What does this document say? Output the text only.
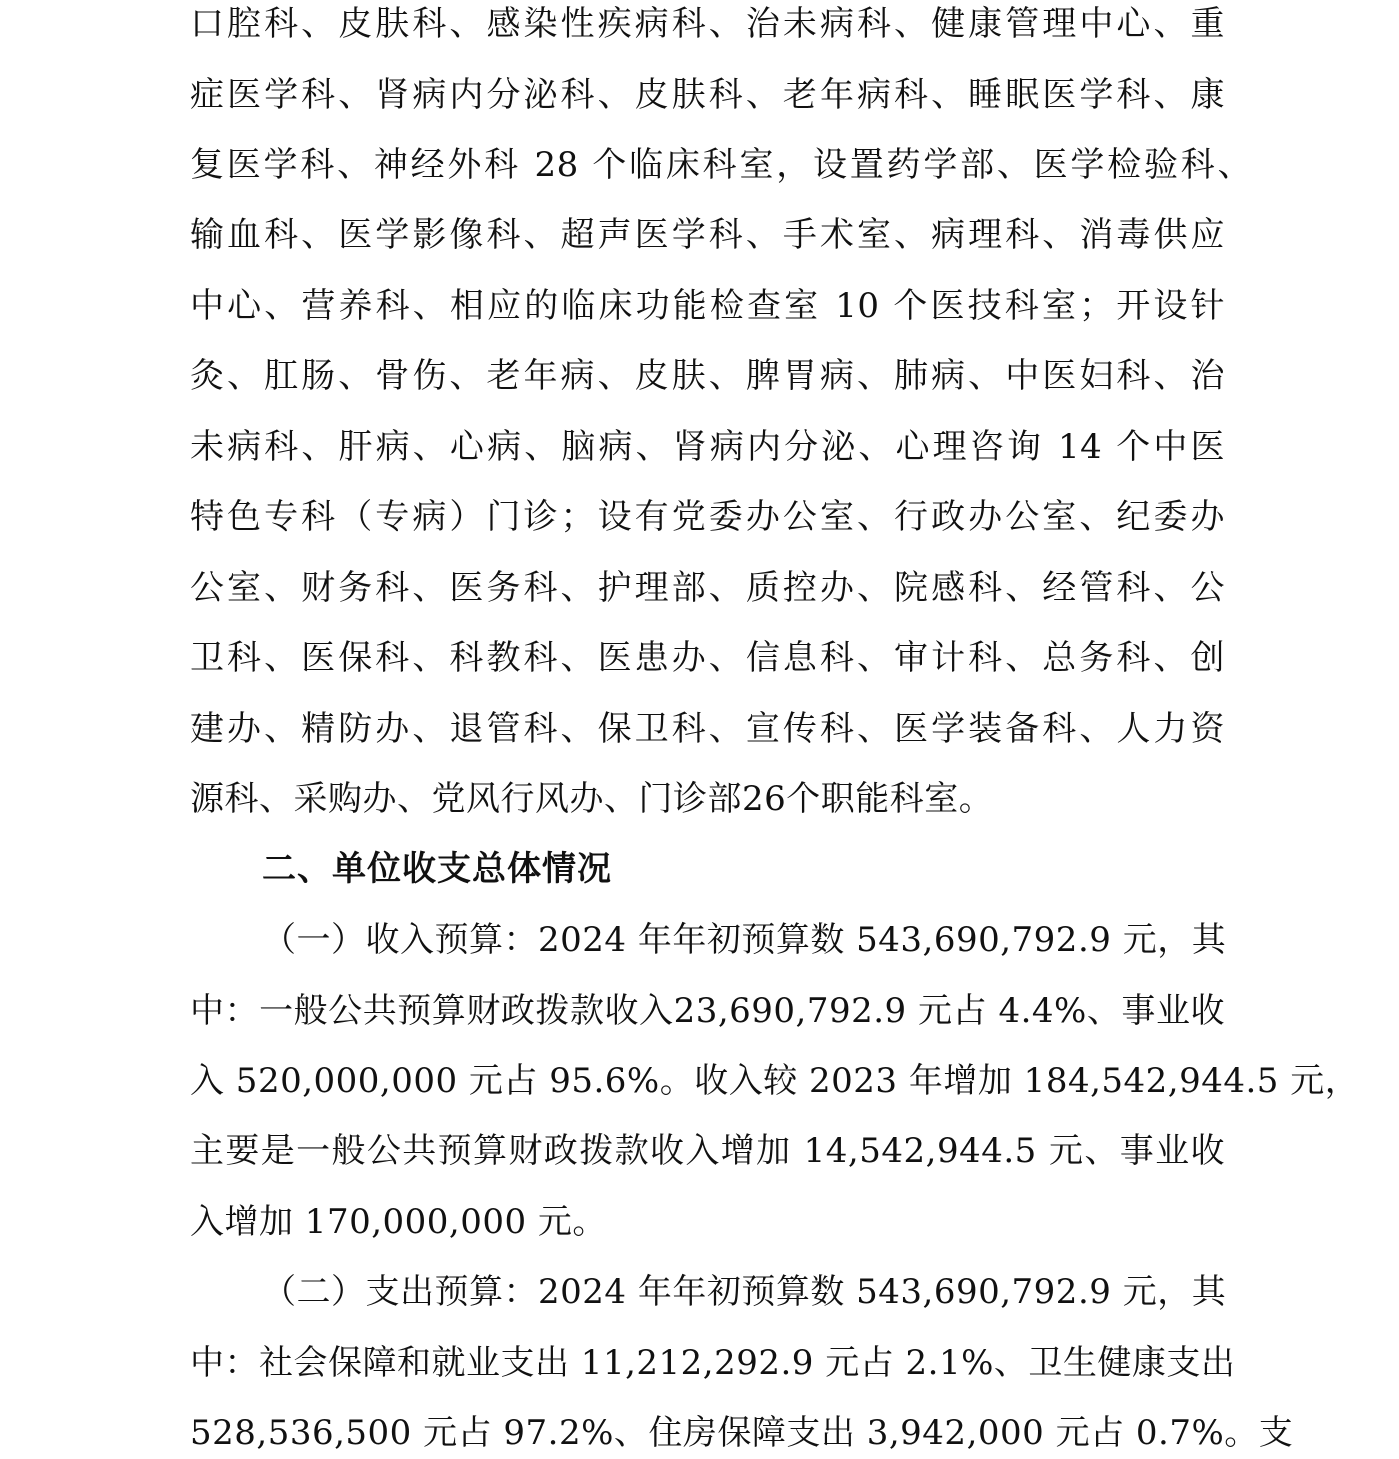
口腔科、皮肤科、感染性疾病科、治未病科、健康管理中心、重
症医学科、肾病内分泌科、皮肤科、老年病科、睡眠医学科、康
复医学科、神经外科 28 个临床科室，设置药学部、医学检验科、
输血科、医学影像科、超声医学科、手术室、病理科、消毒供应
中心、营养科、相应的临床功能检查室 10 个医技科室；开设针
灸、肛肠、骨伤、老年病、皮肤、脾胃病、肺病、中医妇科、治
未病科、肝病、心病、脑病、肾病内分泌、心理咨询 14 个中医
特色专科（专病）门诊；设有党委办公室、行政办公室、纪委办
公室、财务科、医务科、护理部、质控办、院感科、经管科、公
卫科、医保科、科教科、医患办、信息科、审计科、总务科、创
建办、精防办、退管科、保卫科、宣传科、医学装备科、人力资
源科、采购办、党风行风办、门诊部26个职能科室。
二、单位收支总体情况
（一）收入预算：2024 年年初预算数 543,690,792.9 元，其
中：一般公共预算财政拨款收入23,690,792.9 元占 4.4%、事业收
入 520,000,000 元占 95.6%。收入较 2023 年增加 184,542,944.5 元，
主要是一般公共预算财政拨款收入增加 14,542,944.5 元、事业收
入增加 170,000,000 元。
（二）支出预算：2024 年年初预算数 543,690,792.9 元，其
中：社会保障和就业支出 11,212,292.9 元占 2.1%、卫生健康支出
528,536,500 元占 97.2%、住房保障支出 3,942,000 元占 0.7%。支
